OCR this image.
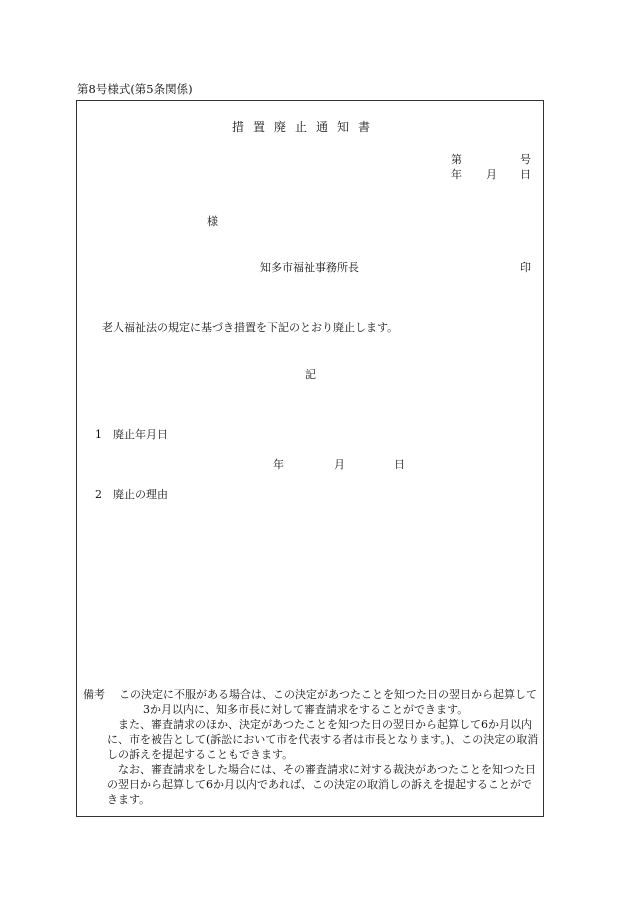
第8号様式(第5条関係)
措置廃止通知書
第	号
年 月 日
様
知多市福祉事務所長	印
老人福祉法の規定に基づき措置を下記のとおり廃止します。
記
1 廃止年月日
年	月	日
2 廃止の理由
備考 この決定に不服がある場合は、この決定があつたことを知つた日の翌日から起算して3か月以内に、知多市長に対して審査請求をすることができます。
また、審査請求のほか、決定があつたことを知つた日の翌日から起算して6か月以内に、市を被告として(訴訟において市を代表する者は市長となります。)、この決定の取消しの訴えを提起することもできます。
なお、審査請求をした場合には、その審査請求に対する裁決があつたことを知つた日の翌日から起算して6か月以内であれば、この決定の取消しの訴えを提起することができます。
